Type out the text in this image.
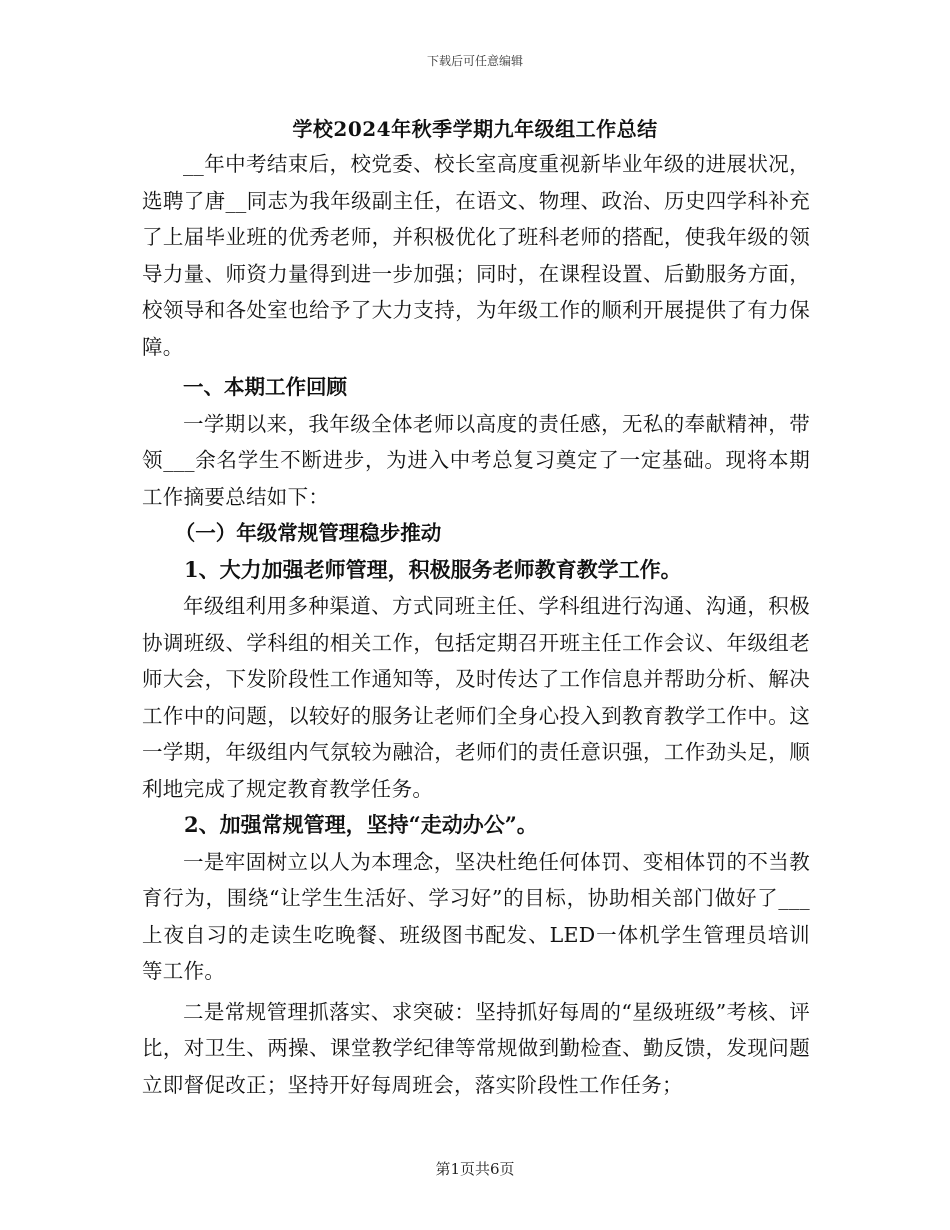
下载后可任意编辑
学校2024年秋季学期九年级组工作总结

__年中考结束后，校党委、校长室高度重视新毕业年级的进展状况，选聘了唐__同志为我年级副主任，在语文、物理、政治、历史四学科补充了上届毕业班的优秀老师，并积极优化了班科老师的搭配，使我年级的领导力量、师资力量得到进一步加强；同时，在课程设置、后勤服务方面，校领导和各处室也给予了大力支持，为年级工作的顺利开展提供了有力保障。

一、本期工作回顾

一学期以来，我年级全体老师以高度的责任感，无私的奉献精神，带领___余名学生不断进步，为进入中考总复习奠定了一定基础。现将本期工作摘要总结如下：

（一）年级常规管理稳步推动

1、大力加强老师管理，积极服务老师教育教学工作。

年级组利用多种渠道、方式同班主任、学科组进行沟通、沟通，积极协调班级、学科组的相关工作，包括定期召开班主任工作会议、年级组老师大会，下发阶段性工作通知等，及时传达了工作信息并帮助分析、解决工作中的问题，以较好的服务让老师们全身心投入到教育教学工作中。这一学期，年级组内气氛较为融洽，老师们的责任意识强，工作劲头足，顺利地完成了规定教育教学任务。

2、加强常规管理，坚持“走动办公”。

一是牢固树立以人为本理念，坚决杜绝任何体罚、变相体罚的不当教育行为，围绕“让学生生活好、学习好”的目标，协助相关部门做好了___上夜自习的走读生吃晚餐、班级图书配发、LED一体机学生管理员培训等工作。

二是常规管理抓落实、求突破：坚持抓好每周的“星级班级”考核、评比，对卫生、两操、课堂教学纪律等常规做到勤检查、勤反馈，发现问题立即督促改正；坚持开好每周班会，落实阶段性工作任务；

第1页共6页
